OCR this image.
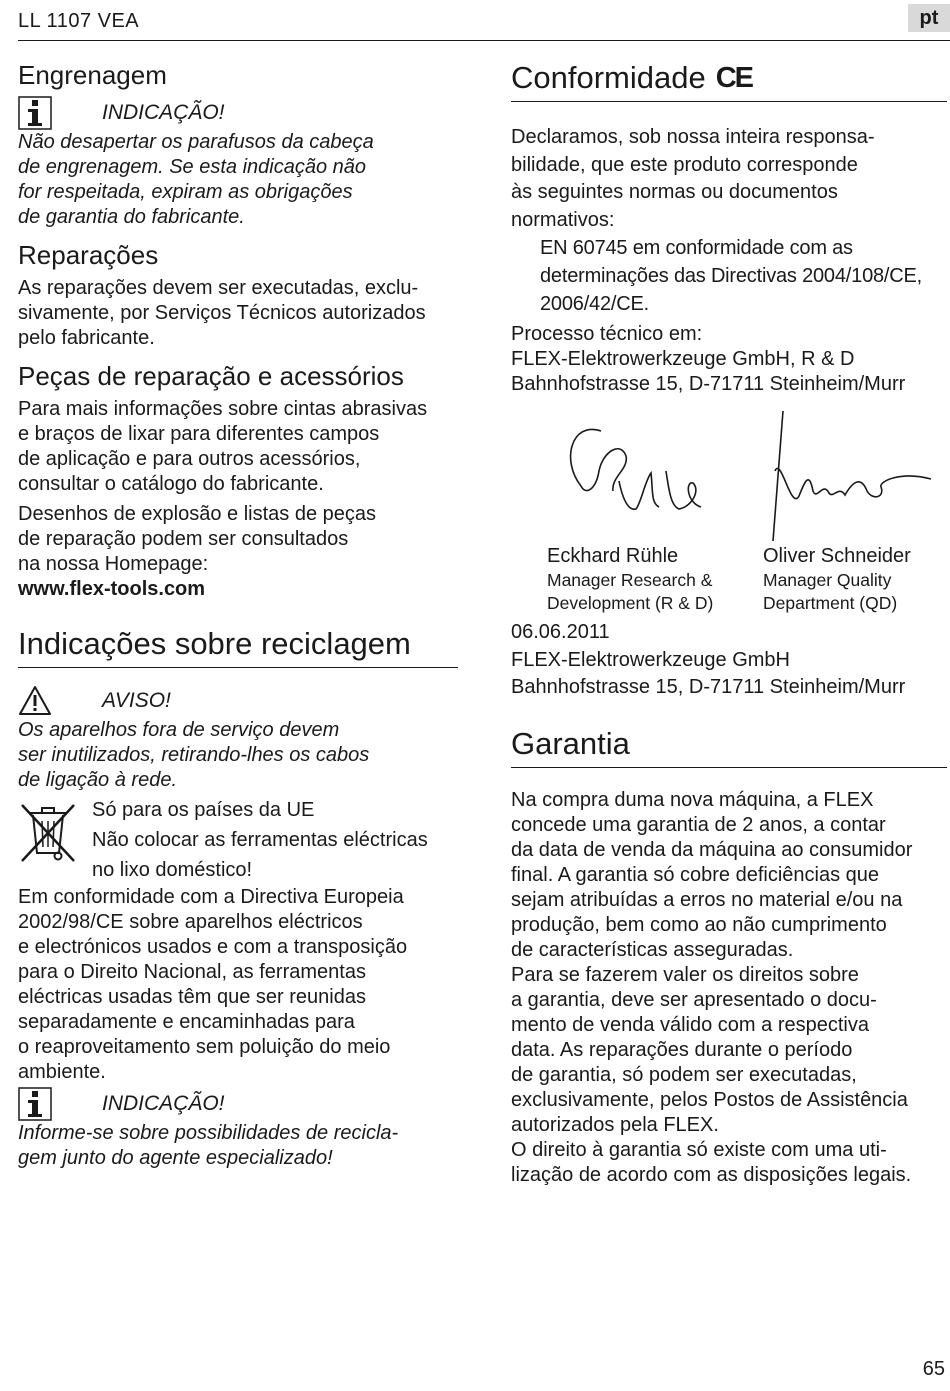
LL 1107 VEA	pt
Engrenagem
INDICAÇÃO!

Não desapertar os parafusos da cabeça

de engrenagem. Se esta indicação não

for respeitada, expiram as obrigações

de garantia do fabricante.

Reparações

As reparações devem ser executadas, exclu-

sivamente, por Serviços Técnicos autorizados

pelo fabricante.

Peças de reparação e acessórios

Para mais informações sobre cintas abrasivas

e braços de lixar para diferentes campos

de aplicação e para outros acessórios,

consultar o catálogo do fabricante.

Desenhos de explosão e listas de peças

de reparação podem ser consultados

na nossa Homepage:

www.flex-tools.com

Indicações sobre reciclagem
AVISO!

Os aparelhos fora de serviço devem

ser inutilizados, retirando-lhes os cabos

de ligação à rede.

Só para os países da UE

Não colocar as ferramentas eléctricas

no lixo doméstico!

Em conformidade com a Directiva Europeia

2002/98/CE sobre aparelhos eléctricos

e electrónicos usados e com a transposição

para o Direito Nacional, as ferramentas

eléctricas usadas têm que ser reunidas

separadamente e encaminhadas para

o reaproveitamento sem poluição do meio

ambiente.

INDICAÇÃO!

Informe-se sobre possibilidades de recicla-

gem junto do agente especializado!

Conformidade CE

Declaramos, sob nossa inteira responsa-

bilidade, que este produto corresponde

às seguintes normas ou documentos

normativos:

EN 60745 em conformidade com as

determinações das Directivas 2004/108/CE,

2006/42/CE.

Processo técnico em:

FLEX-Elektrowerkzeuge GmbH, R & D

Bahnhofstrasse 15, D-71711 Steinheim/Murr

Eckhard Rühle

Manager Research &

Development (R & D)

Oliver Schneider

Manager Quality

Department (QD)

06.06.2011

FLEX-Elektrowerkzeuge GmbH

Bahnhofstrasse 15, D-71711 Steinheim/Murr

Garantia

Na compra duma nova máquina, a FLEX

concede uma garantia de 2 anos, a contar

da data de venda da máquina ao consumidor

final. A garantia só cobre deficiências que

sejam atribuídas a erros no material e/ou na

produção, bem como ao não cumprimento

de características asseguradas.

Para se fazerem valer os direitos sobre

a garantia, deve ser apresentado o docu-

mento de venda válido com a respectiva

data. As reparações durante o período

de garantia, só podem ser executadas,

exclusivamente, pelos Postos de Assistência

autorizados pela FLEX.

O direito à garantia só existe com uma uti-

lização de acordo com as disposições legais.

65
